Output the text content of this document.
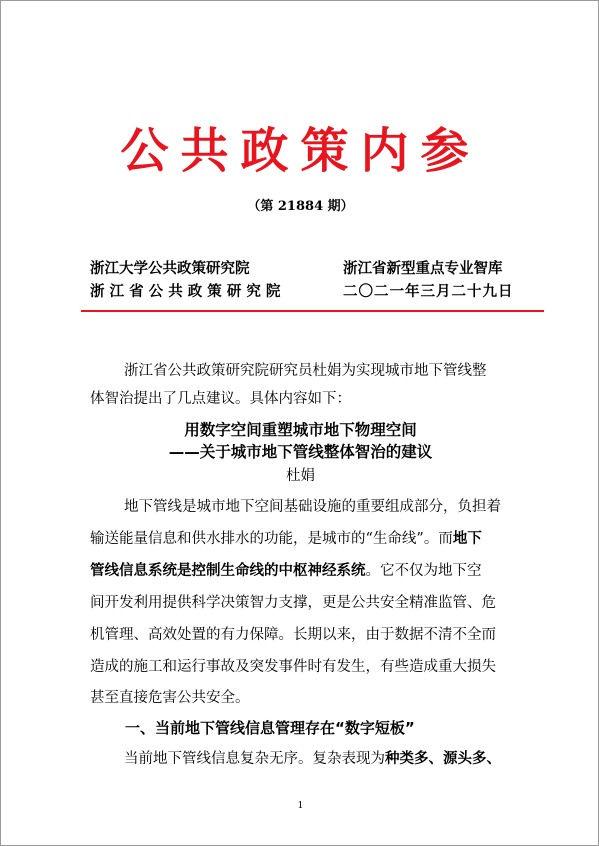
公共政策内参
（第 21884 期）
浙江大学公共政策研究院
浙 江 省 公 共 政 策 研 究 院
浙江省新型重点专业智库
二〇二一年三月二十九日
浙江省公共政策研究院研究员杜娟为实现城市地下管线整
体智治提出了几点建议。具体内容如下：
用数字空间重塑城市地下物理空间
——关于城市地下管线整体智治的建议
杜娟
地下管线是城市地下空间基础设施的重要组成部分，负担着
输送能量信息和供水排水的功能，是城市的“生命线”。而地下
管线信息系统是控制生命线的中枢神经系统。它不仅为地下空
间开发利用提供科学决策智力支撑，更是公共安全精准监管、危
机管理、高效处置的有力保障。长期以来，由于数据不清不全而
造成的施工和运行事故及突发事件时有发生，有些造成重大损失
甚至直接危害公共安全。
一、当前地下管线信息管理存在“数字短板”
当前地下管线信息复杂无序。复杂表现为种类多、源头多、
1
